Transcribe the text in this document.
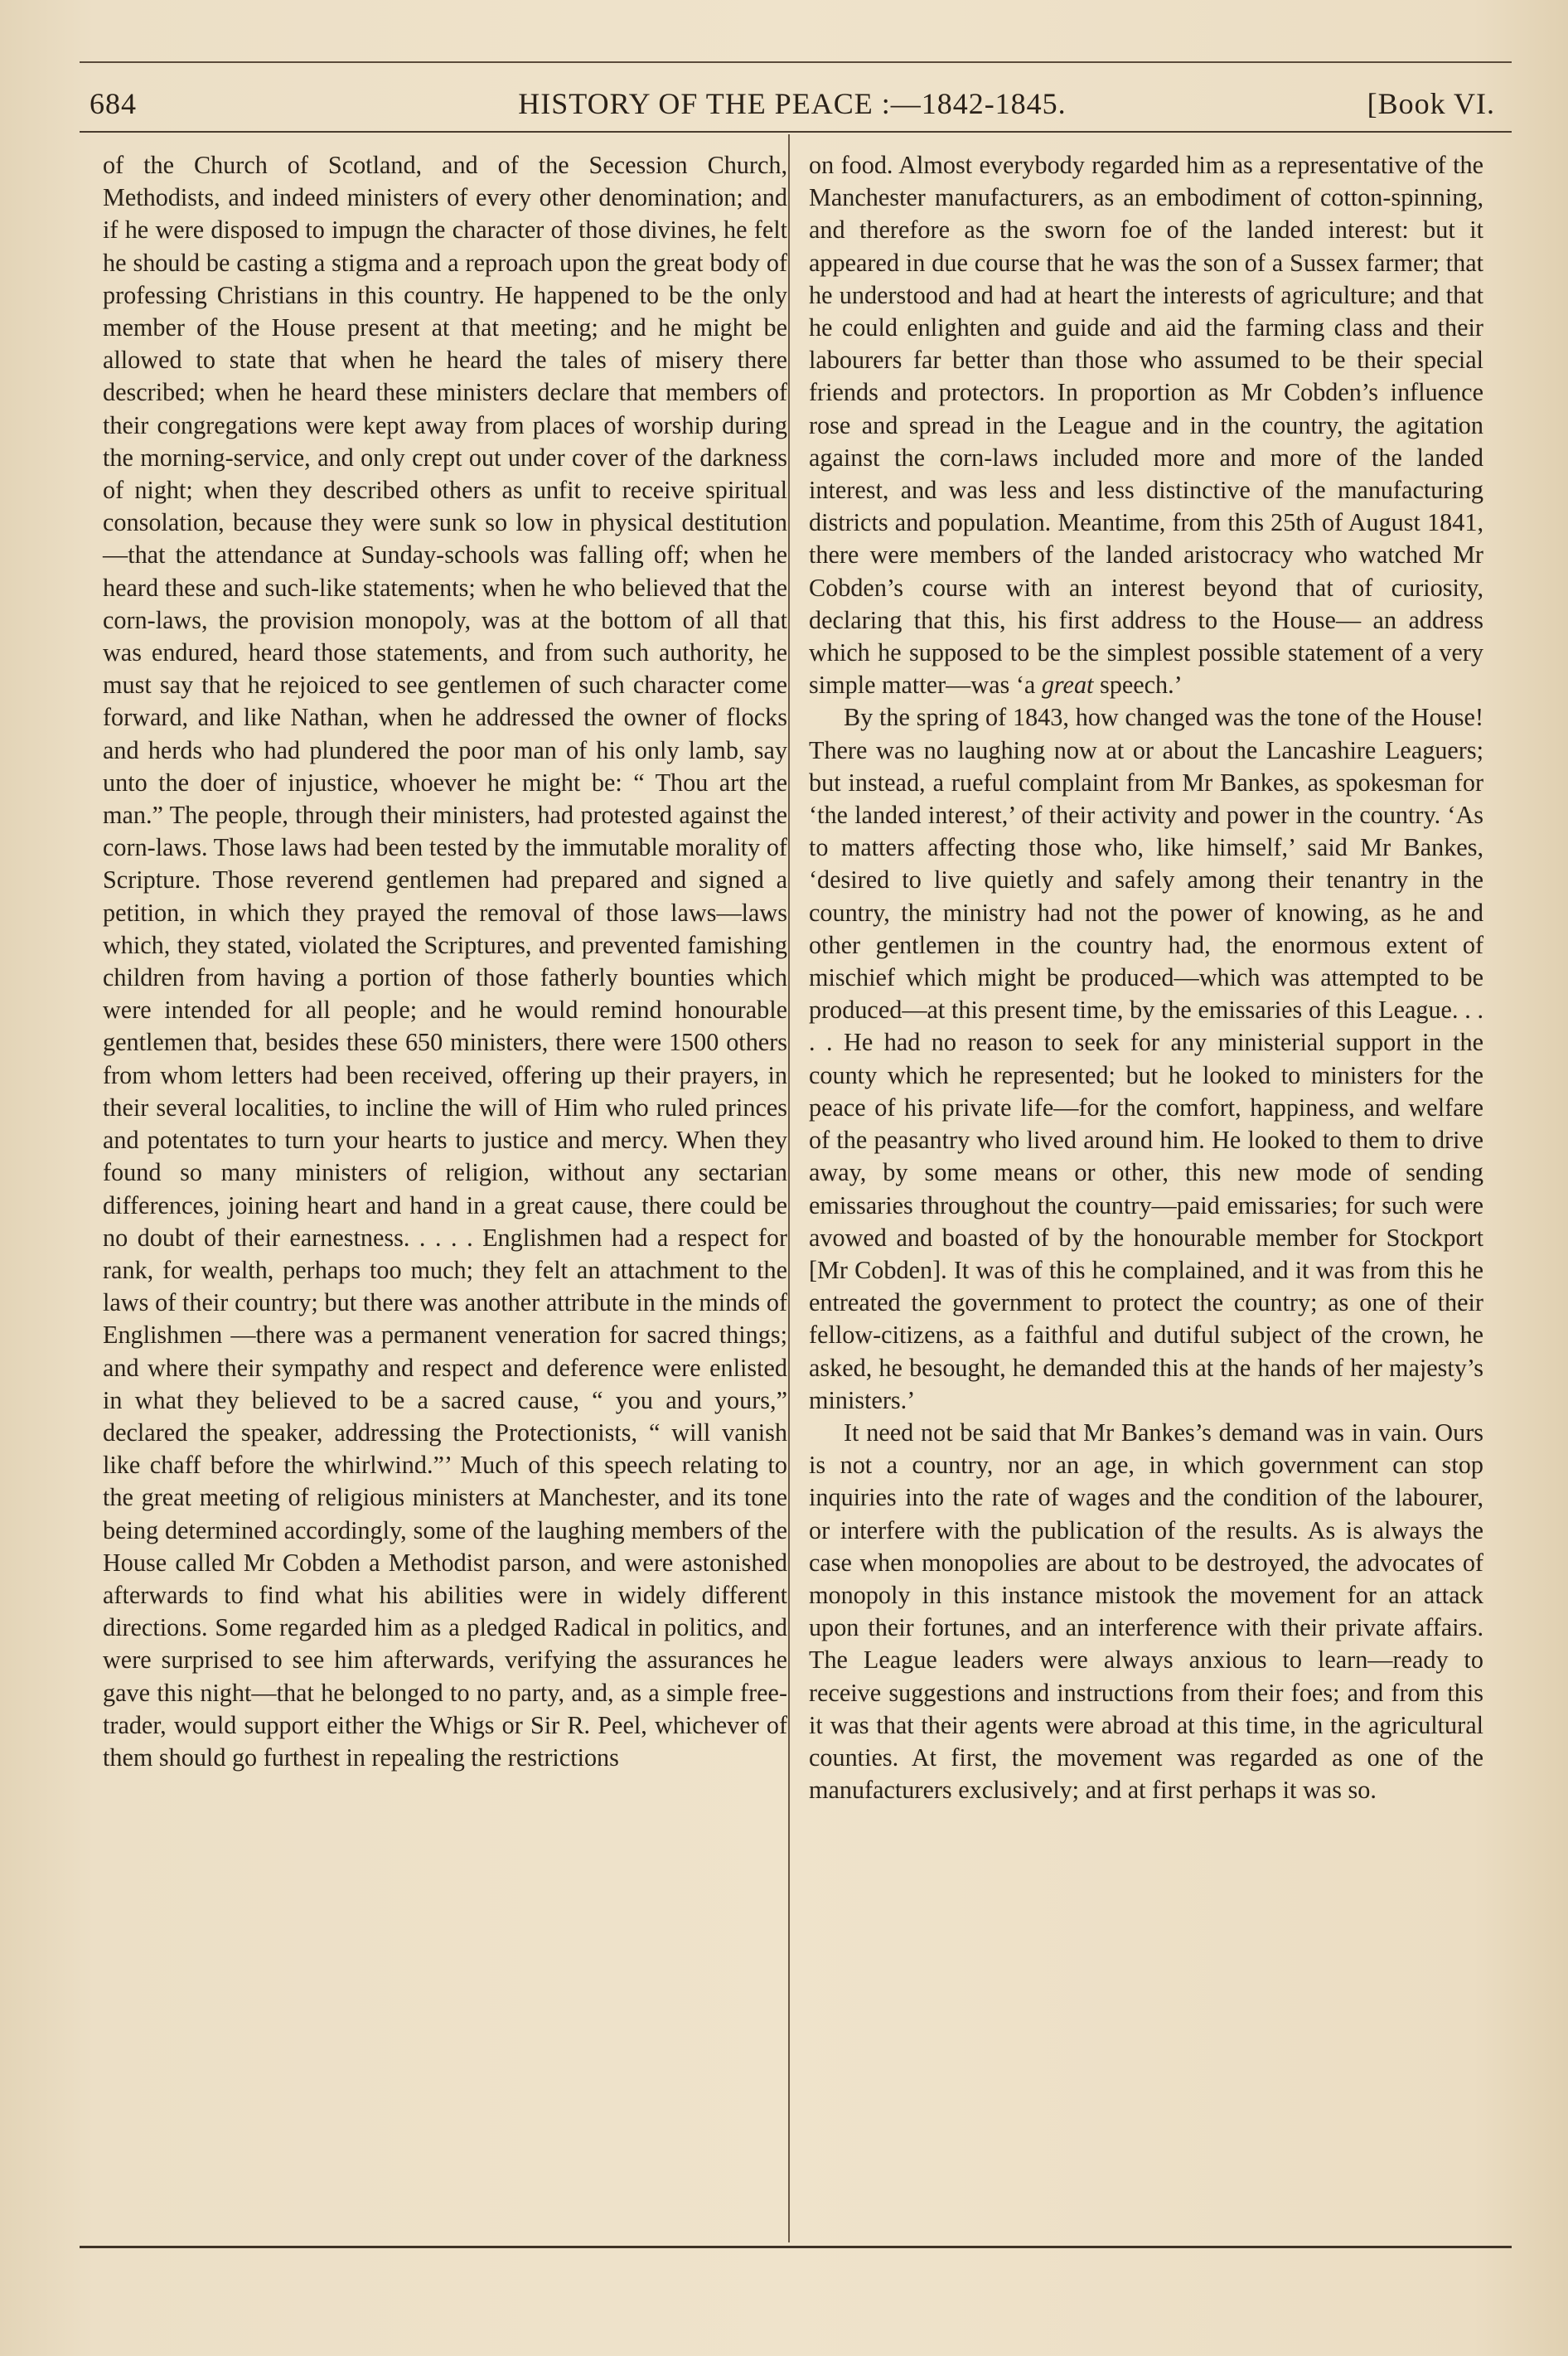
HISTORY OF THE PEACE :—1842-1845.
684	[Book VI.

of the Church of Scotland, and of the Secession Church, Methodists, and indeed ministers of every other denomination; and if he were disposed to impugn the character of those divines, he felt he should be casting a stigma and a reproach upon the great body of professing Christians in this country. He happened to be the only member of the House present at that meeting; and he might be allowed to state that when he heard the tales of misery there described; when he heard these ministers declare that members of their congregations were kept away from places of worship during the morning-service, and only crept out under cover of the darkness of night; when they described others as unfit to receive spiritual consolation, because they were sunk so low in physical destitution—that the attendance at Sunday-schools was falling off; when he heard these and such-like statements; when he who believed that the corn-laws, the provision monopoly, was at the bottom of all that was endured, heard those statements, and from such authority, he must say that he rejoiced to see gentlemen of such character come forward, and like Nathan, when he addressed the owner of flocks and herds who had plundered the poor man of his only lamb, say unto the doer of injustice, whoever he might be: “ Thou art the man.” The people, through their ministers, had protested against the corn-laws. Those laws had been tested by the immutable morality of Scripture. Those reverend gentlemen had prepared and signed a petition, in which they prayed the removal of those laws—laws which, they stated, violated the Scriptures, and prevented famishing children from having a portion of those fatherly bounties which were intended for all people; and he would remind honourable gentlemen that, besides these 650 ministers, there were 1500 others from whom letters had been received, offering up their prayers, in their several localities, to incline the will of Him who ruled princes and potentates to turn your hearts to justice and mercy. When they found so many ministers of religion, without any sectarian differences, joining heart and hand in a great cause, there could be no doubt of their earnestness. . . . . Englishmen had a respect for rank, for wealth, perhaps too much; they felt an attachment to the laws of their country; but there was another attribute in the minds of Englishmen —there was a permanent veneration for sacred things; and where their sympathy and respect and deference were enlisted in what they believed to be a sacred cause, “ you and yours,” declared the speaker, addressing the Protectionists, “ will vanish like chaff before the whirlwind.”’ Much of this speech relating to the great meeting of religious ministers at Manchester, and its tone being determined accordingly, some of the laughing members of the House called Mr Cobden a Methodist parson, and were astonished afterwards to find what his abilities were in widely different directions. Some regarded him as a pledged Radical in politics, and were surprised to see him afterwards, verifying the assurances he gave this night—that he belonged to no party, and, as a simple free-trader, would support either the Whigs or Sir R. Peel, whichever of them should go furthest in repealing the restrictions

on food. Almost everybody regarded him as a representative of the Manchester manufacturers, as an embodiment of cotton-spinning, and therefore as the sworn foe of the landed interest: but it appeared in due course that he was the son of a Sussex farmer; that he understood and had at heart the interests of agriculture; and that he could enlighten and guide and aid the farming class and their labourers far better than those who assumed to be their special friends and protectors. In proportion as Mr Cobden’s influence rose and spread in the League and in the country, the agitation against the corn-laws included more and more of the landed interest, and was less and less distinctive of the manufacturing districts and population. Meantime, from this 25th of August 1841, there were members of the landed aristocracy who watched Mr Cobden’s course with an interest beyond that of curiosity, declaring that this, his first address to the House— an address which he supposed to be the simplest possible statement of a very simple matter—was ‘a great speech.’

By the spring of 1843, how changed was the tone of the House! There was no laughing now at or about the Lancashire Leaguers; but instead, a rueful complaint from Mr Bankes, as spokesman for ‘the landed interest,’ of their activity and power in the country. ‘As to matters affecting those who, like himself,’ said Mr Bankes, ‘desired to live quietly and safely among their tenantry in the country, the ministry had not the power of knowing, as he and other gentlemen in the country had, the enormous extent of mischief which might be produced—which was attempted to be produced—at this present time, by the emissaries of this League. . . . . He had no reason to seek for any ministerial support in the county which he represented; but he looked to ministers for the peace of his private life—for the comfort, happiness, and welfare of the peasantry who lived around him. He looked to them to drive away, by some means or other, this new mode of sending emissaries throughout the country—paid emissaries; for such were avowed and boasted of by the honourable member for Stockport [Mr Cobden]. It was of this he complained, and it was from this he entreated the government to protect the country; as one of their fellow-citizens, as a faithful and dutiful subject of the crown, he asked, he besought, he demanded this at the hands of her majesty’s ministers.’

It need not be said that Mr Bankes’s demand was in vain. Ours is not a country, nor an age, in which government can stop inquiries into the rate of wages and the condition of the labourer, or interfere with the publication of the results. As is always the case when monopolies are about to be destroyed, the advocates of monopoly in this instance mistook the movement for an attack upon their fortunes, and an interference with their private affairs. The League leaders were always anxious to learn—ready to receive suggestions and instructions from their foes; and from this it was that their agents were abroad at this time, in the agricultural counties. At first, the movement was regarded as one of the manufacturers exclusively; and at first perhaps it was so.
